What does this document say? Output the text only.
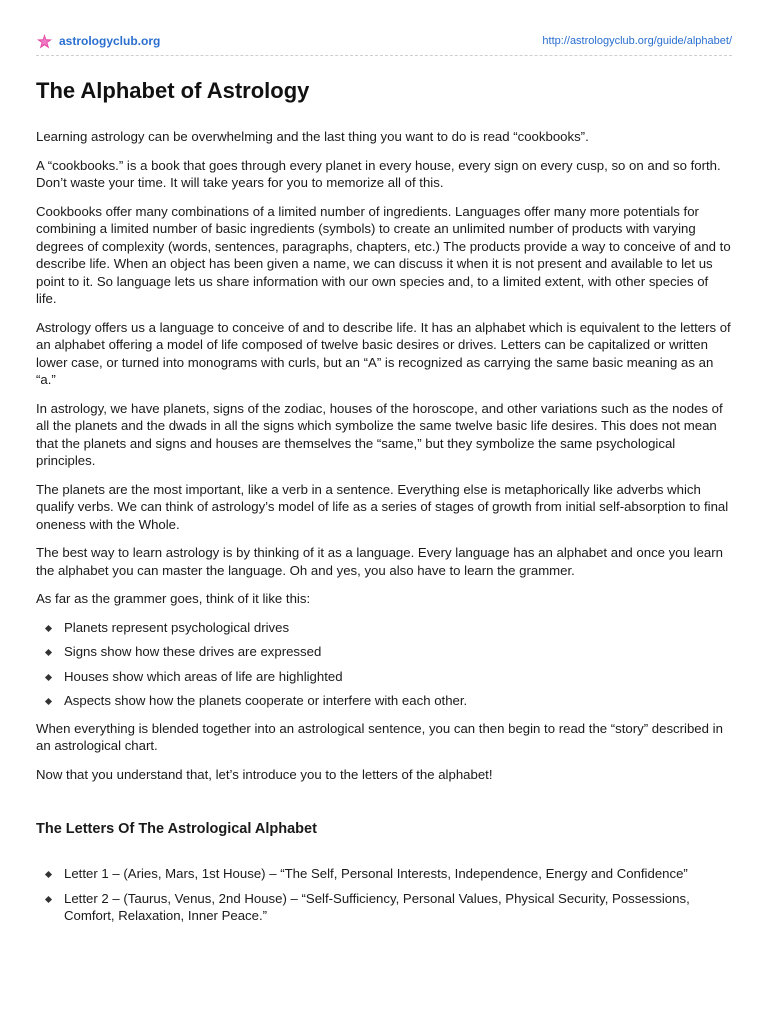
astrologyclub.org	http://astrologyclub.org/guide/alphabet/
The Alphabet of Astrology

Learning astrology can be overwhelming and the last thing you want to do is read “cookbooks”.

A “cookbooks.” is a book that goes through every planet in every house, every sign on every cusp, so on and so forth. Don’t waste your time. It will take years for you to memorize all of this.

Cookbooks offer many combinations of a limited number of ingredients. Languages offer many more potentials for combining a limited number of basic ingredients (symbols) to create an unlimited number of products with varying degrees of complexity (words, sentences, paragraphs, chapters, etc.) The products provide a way to conceive of and to describe life. When an object has been given a name, we can discuss it when it is not present and available to let us point to it. So language lets us share information with our own species and, to a limited extent, with other species of life.

Astrology offers us a language to conceive of and to describe life. It has an alphabet which is equivalent to the letters of an alphabet offering a model of life composed of twelve basic desires or drives. Letters can be capitalized or written lower case, or turned into monograms with curls, but an “A” is recognized as carrying the same basic meaning as an “a.”

In astrology, we have planets, signs of the zodiac, houses of the horoscope, and other variations such as the nodes of all the planets and the dwads in all the signs which symbolize the same twelve basic life desires. This does not mean that the planets and signs and houses are themselves the “same,” but they symbolize the same psychological principles.

The planets are the most important, like a verb in a sentence. Everything else is metaphorically like adverbs which qualify verbs. We can think of astrology’s model of life as a series of stages of growth from initial self-absorption to final oneness with the Whole.

The best way to learn astrology is by thinking of it as a language. Every language has an alphabet and once you learn the alphabet you can master the language. Oh and yes, you also have to learn the grammer.

As far as the grammer goes, think of it like this:

Planets represent psychological drives
Signs show how these drives are expressed
Houses show which areas of life are highlighted
Aspects show how the planets cooperate or interfere with each other.

When everything is blended together into an astrological sentence, you can then begin to read the “story” described in an astrological chart.

Now that you understand that, let’s introduce you to the letters of the alphabet!

The Letters Of The Astrological Alphabet
Letter 1 – (Aries, Mars, 1st House) – “The Self, Personal Interests, Independence, Energy and Confidence”
Letter 2 – (Taurus, Venus, 2nd House) – “Self-Sufficiency, Personal Values, Physical Security, Possessions, Comfort, Relaxation, Inner Peace.”
